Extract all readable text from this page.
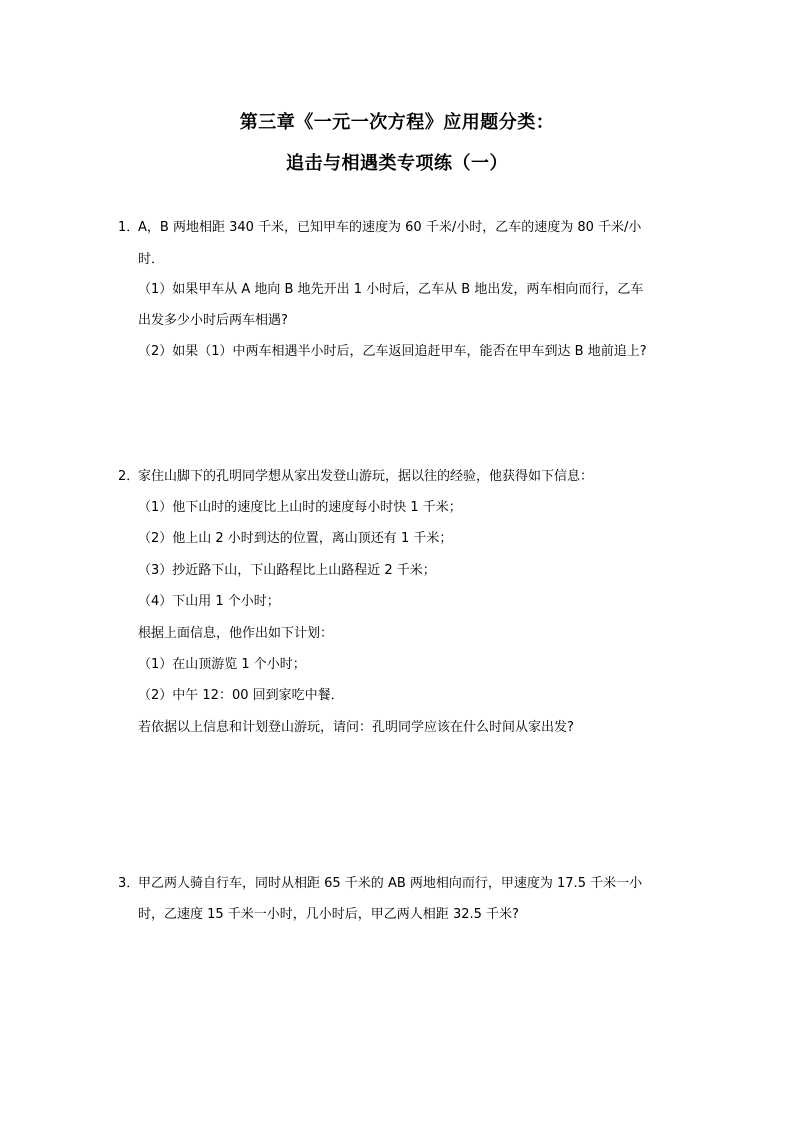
第三章《一元一次方程》应用题分类：
追击与相遇类专项练（一）
1．A，B 两地相距 340 千米，已知甲车的速度为 60 千米/小时，乙车的速度为 80 千米/小
时．
（1）如果甲车从 A 地向 B 地先开出 1 小时后，乙车从 B 地出发，两车相向而行，乙车
出发多少小时后两车相遇?
（2）如果（1）中两车相遇半小时后，乙车返回追赶甲车，能否在甲车到达 B 地前追上?
2．家住山脚下的孔明同学想从家出发登山游玩，据以往的经验，他获得如下信息：
（1）他下山时的速度比上山时的速度每小时快 1 千米；
（2）他上山 2 小时到达的位置，离山顶还有 1 千米；
（3）抄近路下山，下山路程比上山路程近 2 千米；
（4）下山用 1 个小时；
根据上面信息，他作出如下计划：
（1）在山顶游览 1 个小时；
（2）中午 12：00 回到家吃中餐．
若依据以上信息和计划登山游玩，请问：孔明同学应该在什么时间从家出发?
3．甲乙两人骑自行车，同时从相距 65 千米的 AB 两地相向而行，甲速度为 17.5 千米一小
时，乙速度 15 千米一小时，几小时后，甲乙两人相距 32.5 千米?
